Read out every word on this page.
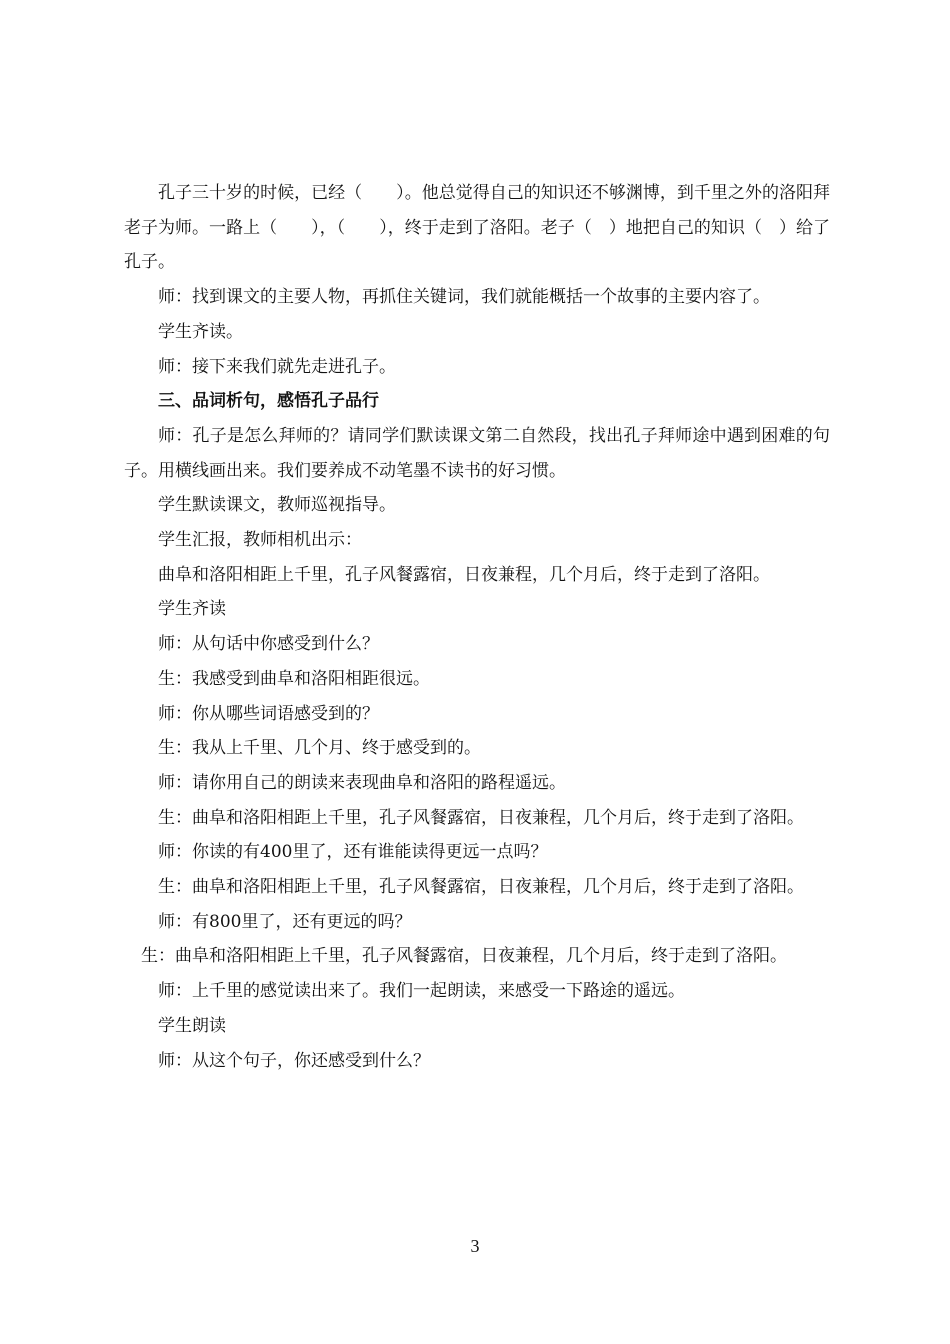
孔子三十岁的时候，已经（　　）。他总觉得自己的知识还不够渊博，到千里之外的洛阳拜老子为师。一路上（　　），（　　），终于走到了洛阳。老子（　）地把自己的知识（　）给了孔子。

师：找到课文的主要人物，再抓住关键词，我们就能概括一个故事的主要内容了。

学生齐读。

师：接下来我们就先走进孔子。

三、品词析句，感悟孔子品行

师：孔子是怎么拜师的？请同学们默读课文第二自然段，找出孔子拜师途中遇到困难的句子。用横线画出来。我们要养成不动笔墨不读书的好习惯。

学生默读课文，教师巡视指导。

学生汇报，教师相机出示：

曲阜和洛阳相距上千里，孔子风餐露宿，日夜兼程，几个月后，终于走到了洛阳。

学生齐读

师：从句话中你感受到什么？

生：我感受到曲阜和洛阳相距很远。

师：你从哪些词语感受到的？

生：我从上千里、几个月、终于感受到的。

师：请你用自己的朗读来表现曲阜和洛阳的路程遥远。

生：曲阜和洛阳相距上千里，孔子风餐露宿，日夜兼程，几个月后，终于走到了洛阳。

师：你读的有400里了，还有谁能读得更远一点吗？

生：曲阜和洛阳相距上千里，孔子风餐露宿，日夜兼程，几个月后，终于走到了洛阳。

师：有800里了，还有更远的吗？

生：曲阜和洛阳相距上千里，孔子风餐露宿，日夜兼程，几个月后，终于走到了洛阳。

师：上千里的感觉读出来了。我们一起朗读，来感受一下路途的遥远。

学生朗读

师：从这个句子，你还感受到什么？

3
